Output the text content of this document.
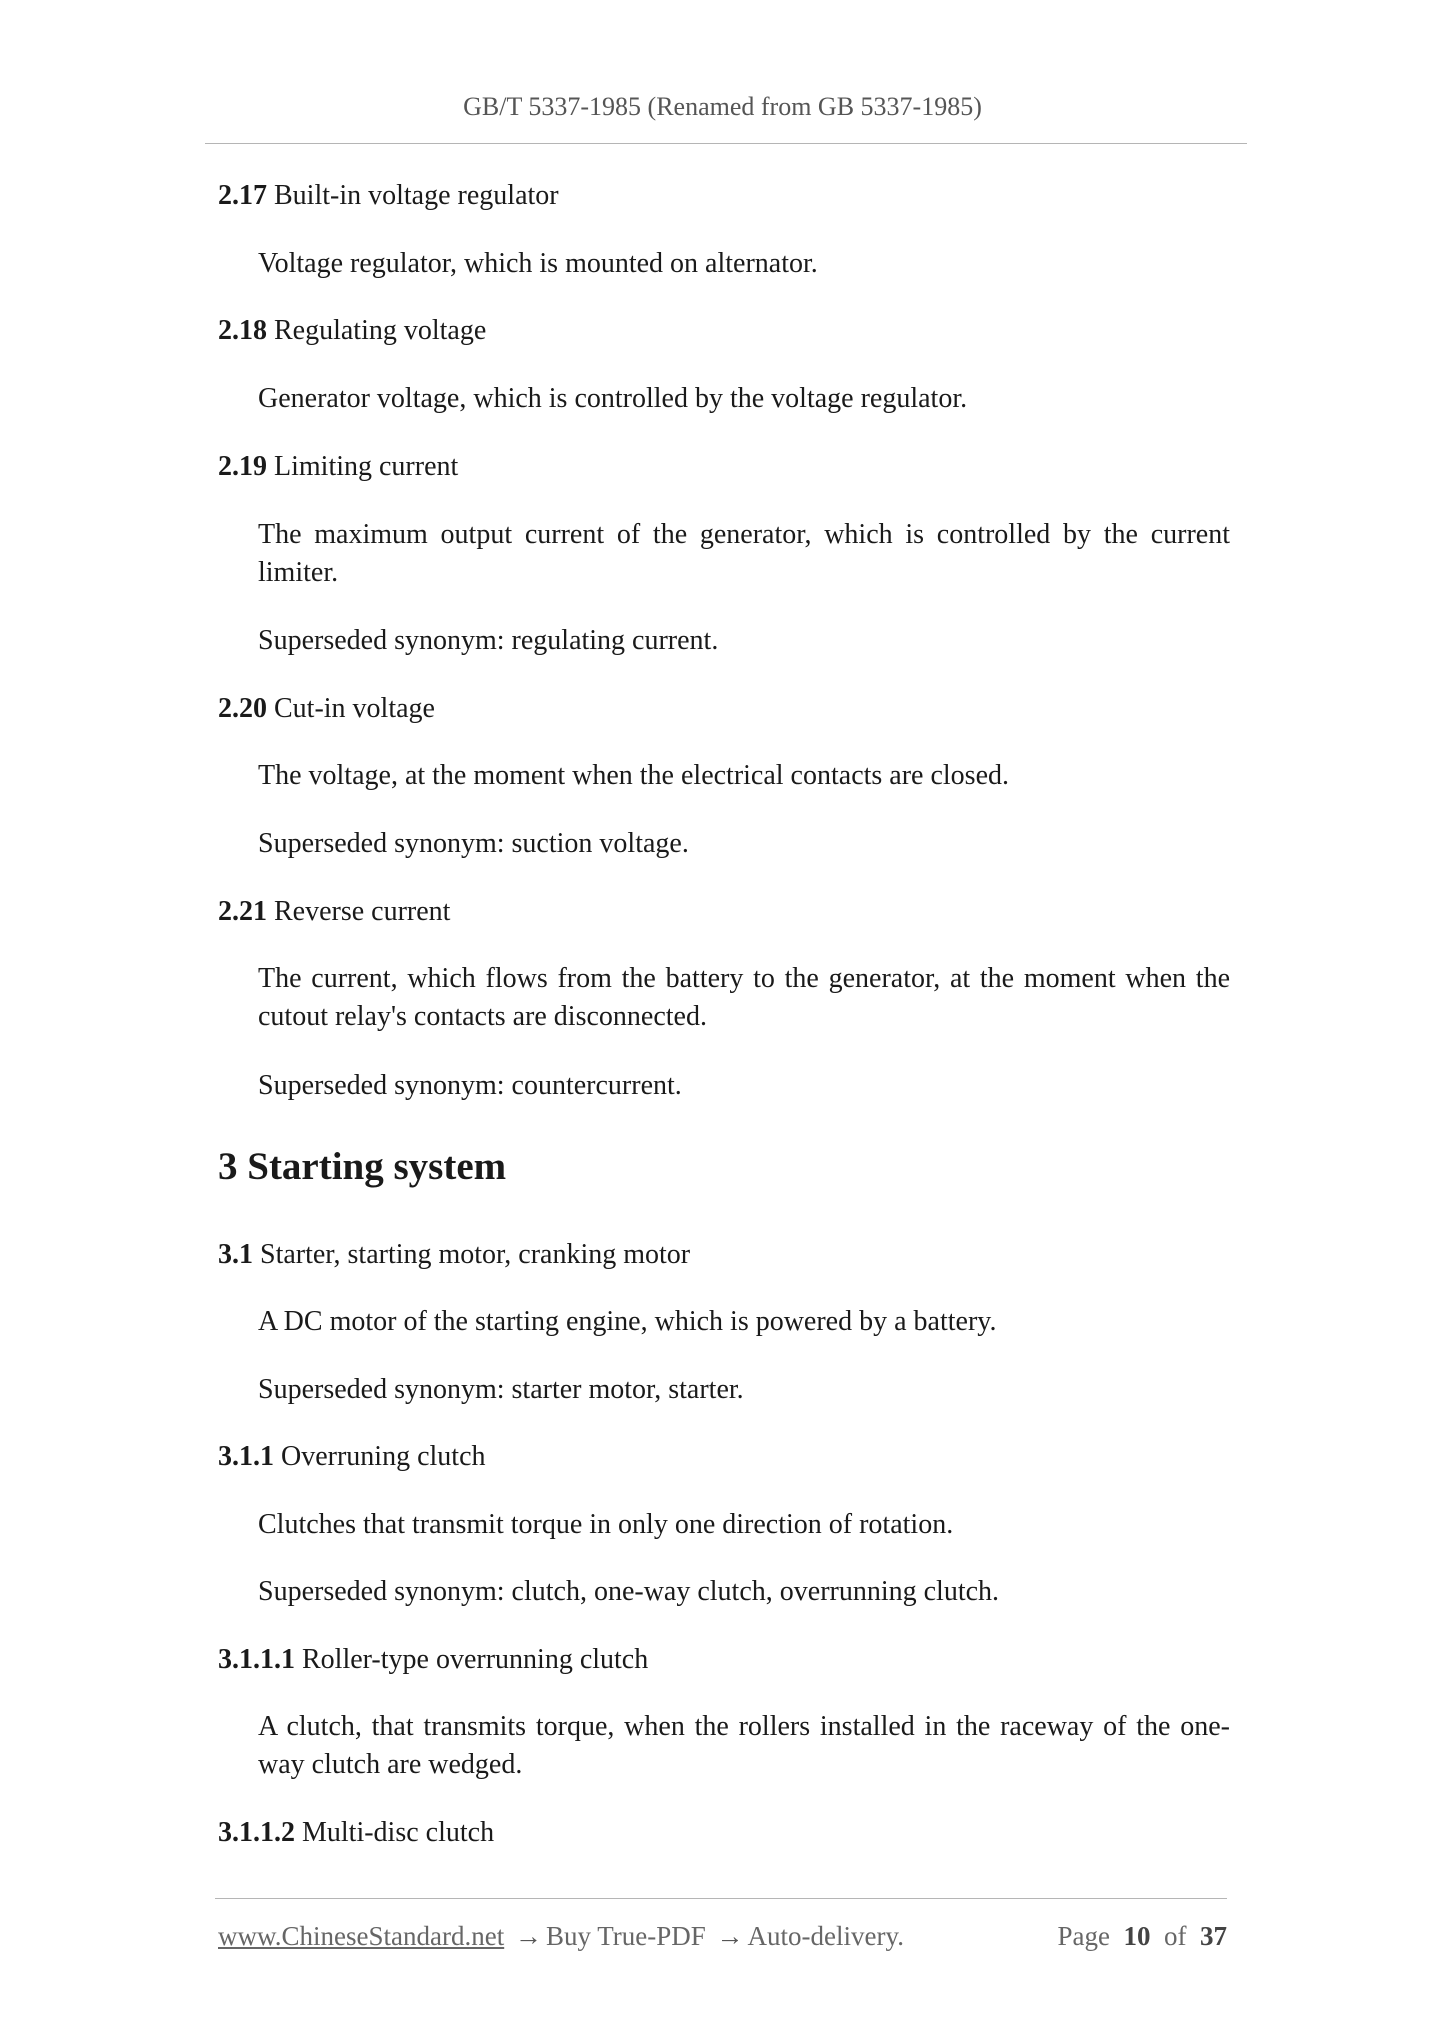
GB/T 5337-1985 (Renamed from GB 5337-1985)
2.17 Built-in voltage regulator
Voltage regulator, which is mounted on alternator.
2.18 Regulating voltage
Generator voltage, which is controlled by the voltage regulator.
2.19 Limiting current
The maximum output current of the generator, which is controlled by the current limiter.
Superseded synonym: regulating current.
2.20 Cut-in voltage
The voltage, at the moment when the electrical contacts are closed.
Superseded synonym: suction voltage.
2.21 Reverse current
The current, which flows from the battery to the generator, at the moment when the cutout relay's contacts are disconnected.
Superseded synonym: countercurrent.
3 Starting system
3.1 Starter, starting motor, cranking motor
A DC motor of the starting engine, which is powered by a battery.
Superseded synonym: starter motor, starter.
3.1.1 Overruning clutch
Clutches that transmit torque in only one direction of rotation.
Superseded synonym: clutch, one-way clutch, overrunning clutch.
3.1.1.1 Roller-type overrunning clutch
A clutch, that transmits torque, when the rollers installed in the raceway of the one-way clutch are wedged.
3.1.1.2 Multi-disc clutch
www.ChineseStandard.net → Buy True-PDF → Auto-delivery.	Page 10 of 37
